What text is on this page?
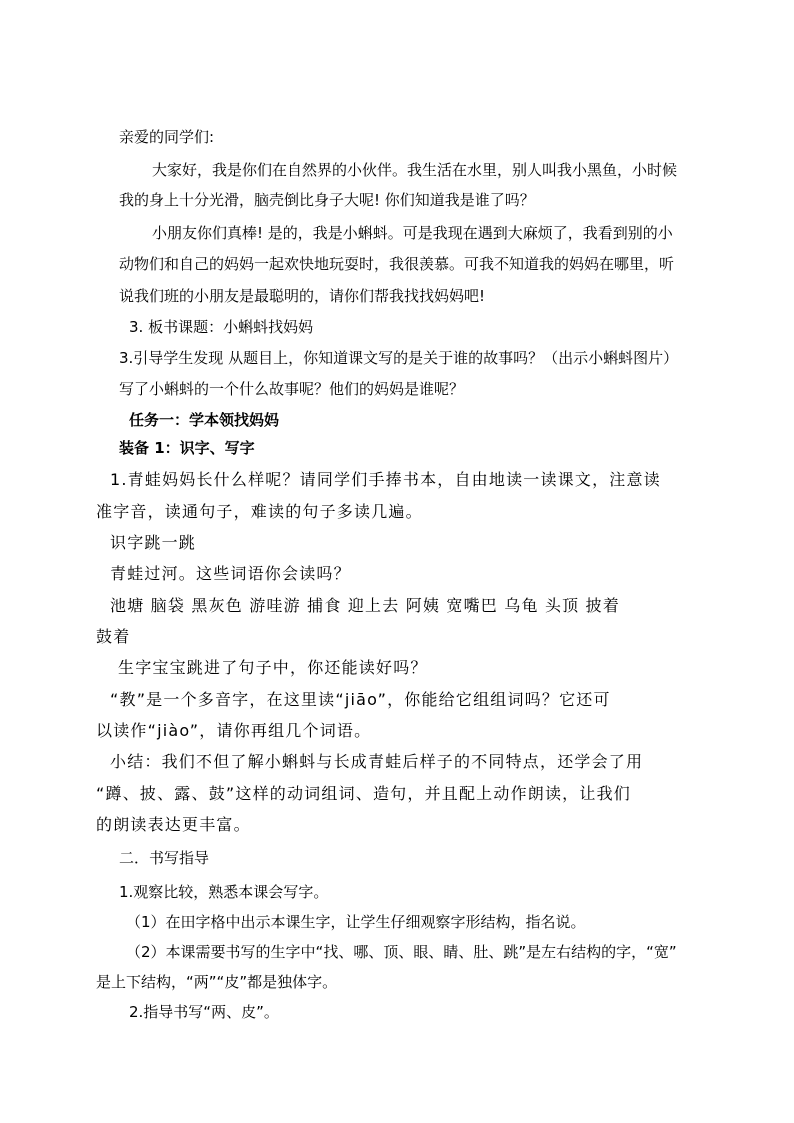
亲爱的同学们:
大家好，我是你们在自然界的小伙伴。我生活在水里，别人叫我小黑鱼，小时候
我的身上十分光滑，脑壳倒比身子大呢! 你们知道我是谁了吗？
小朋友你们真棒! 是的，我是小蝌蚪。可是我现在遇到大麻烦了，我看到别的小
动物们和自己的妈妈一起欢快地玩耍时，我很羡慕。可我不知道我的妈妈在哪里，听
说我们班的小朋友是最聪明的，请你们帮我找找妈妈吧!
3. 板书课题：小蝌蚪找妈妈
3.引导学生发现 从题目上，你知道课文写的是关于谁的故事吗？（出示小蝌蚪图片）
写了小蝌蚪的一个什么故事呢？他们的妈妈是谁呢？
任务一：学本领找妈妈
装备 1：识字、写字
1.青蛙妈妈长什么样呢？请同学们手捧书本，自由地读一读课文，注意读
准字音，读通句子，难读的句子多读几遍。
识字跳一跳
青蛙过河。这些词语你会读吗？
池塘 脑袋 黑灰色 游哇游 捕食 迎上去 阿姨 宽嘴巴 乌龟 头顶 披着
鼓着
生字宝宝跳进了句子中，你还能读好吗？
“教”是一个多音字，在这里读“jiāo”，你能给它组组词吗？它还可
以读作“jiào”，请你再组几个词语。
小结：我们不但了解小蝌蚪与长成青蛙后样子的不同特点，还学会了用
“蹲、披、露、鼓”这样的动词组词、造句，并且配上动作朗读，让我们
的朗读表达更丰富。
二．书写指导
1.观察比较，熟悉本课会写字。
（1）在田字格中出示本课生字，让学生仔细观察字形结构，指名说。
（2）本课需要书写的生字中“找、哪、顶、眼、睛、肚、跳”是左右结构的字，“宽”
是上下结构，“两”“皮”都是独体字。
2.指导书写“两、皮”。
